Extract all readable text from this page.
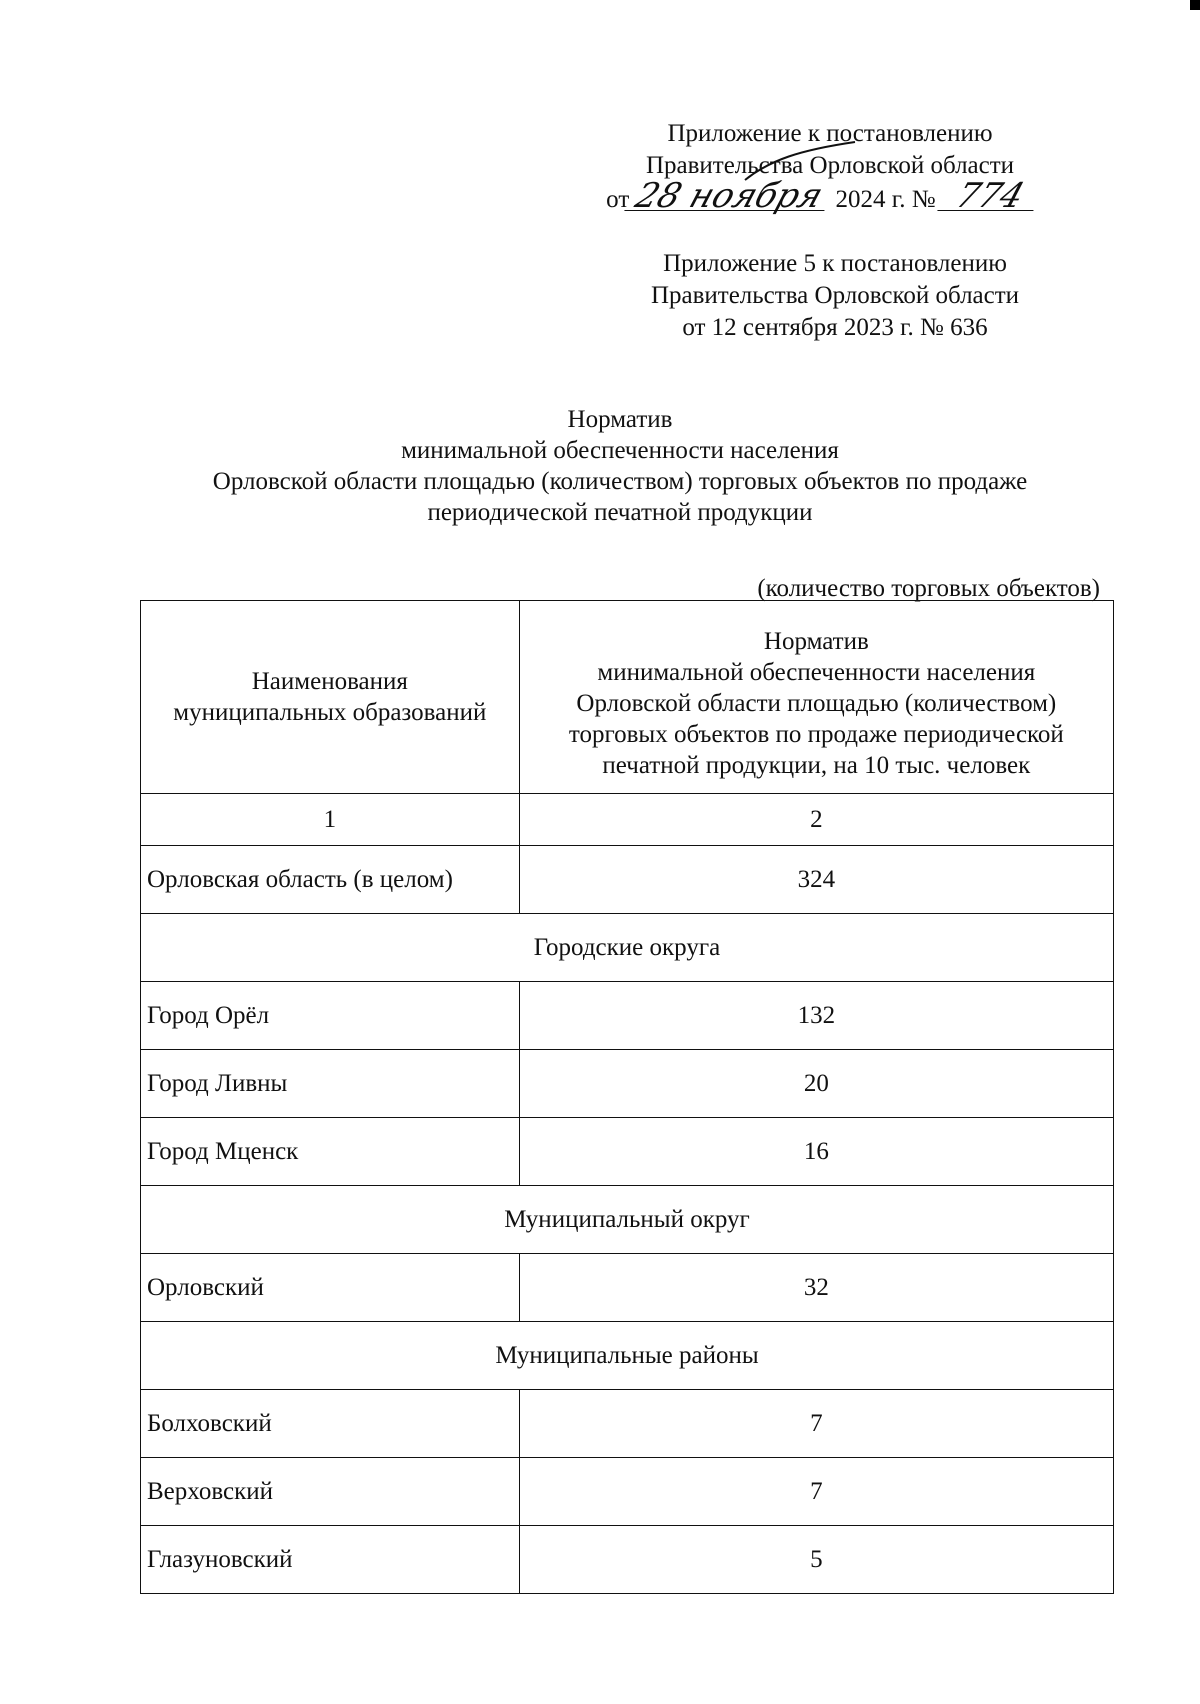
Приложение к постановлению
Правительства Орловской области
от28 ноября 2024 г. № 774
Приложение 5 к постановлению
Правительства Орловской области
от 12 сентября 2023 г. № 636
Норматив
минимальной обеспеченности населения
Орловской области площадью (количеством) торговых объектов по продаже
периодической печатной продукции
(количество торговых объектов)
Наименования
муниципальных образований	Норматив
минимальной обеспеченности населения
Орловской области площадью (количеством)
торговых объектов по продаже периодической
печатной продукции, на 10 тыс. человек

1	2
Орловская область (в целом)	324
Городские округа	
Город Орёл	132
Город Ливны	20
Город Мценск	16
Муниципальный округ	
Орловский	32
Муниципальные районы	
Болховский	7
Верховский	7
Глазуновский	5
